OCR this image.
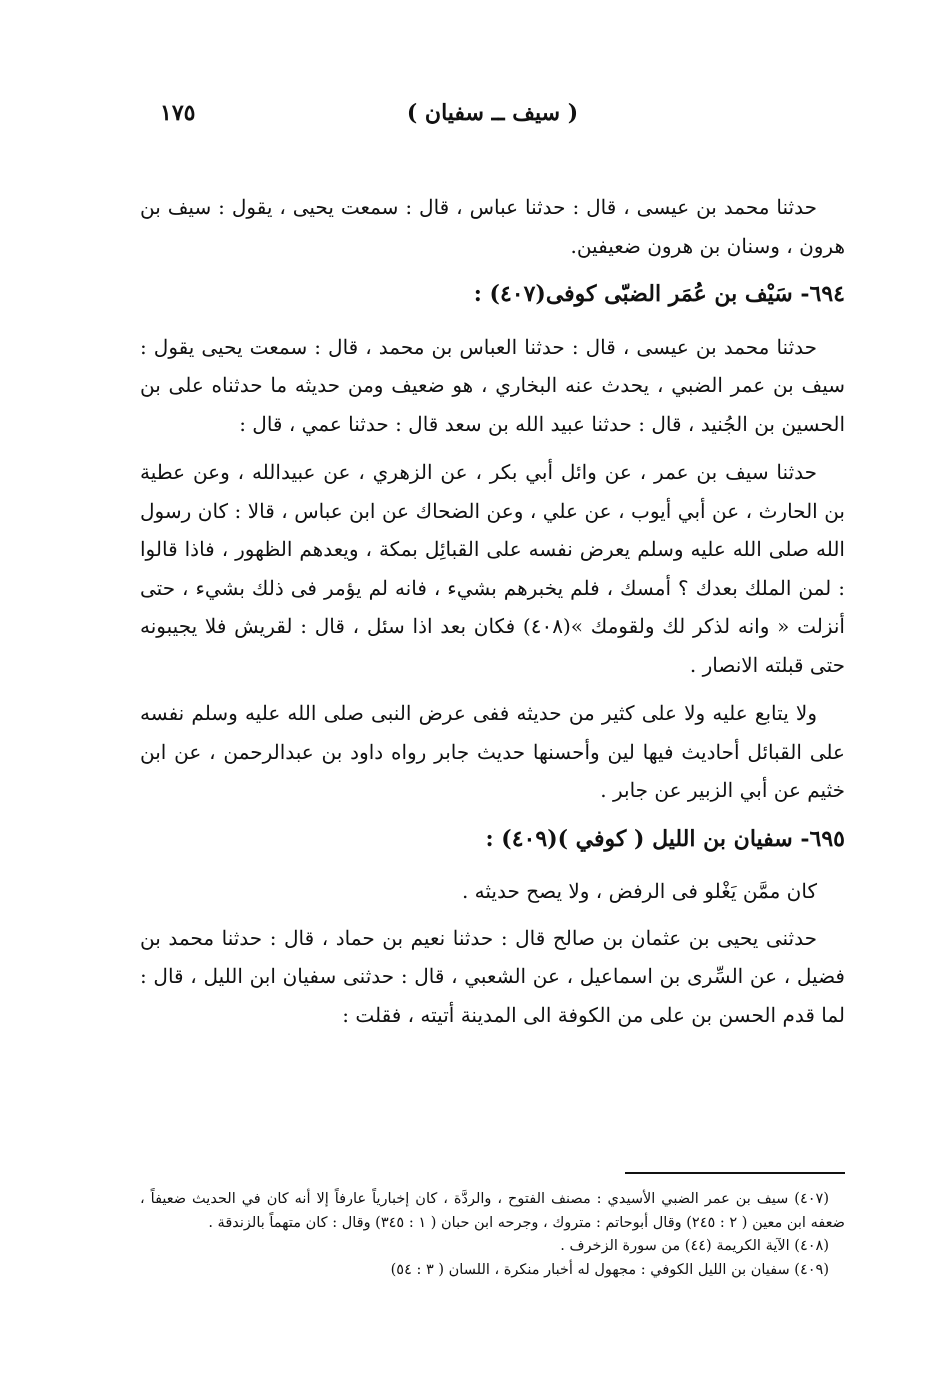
١٧٥	( سيف ــ سفيان )

حدثنا محمد بن عيسى ، قال : حدثنا عباس ، قال : سمعت يحيى ، يقول : سيف بن هرون ، وسنان بن هرون ضعيفين.

٦٩٤- سَيْف بن عُمَر الضبّى كوفى(٤٠٧) :

حدثنا محمد بن عيسى ، قال : حدثنا العباس بن محمد ، قال : سمعت يحيى يقول : سيف بن عمر الضبي ، يحدث عنه البخاري ، هو ضعيف ومن حديثه ما حدثناه على بن الحسين بن الجُنيد ، قال : حدثنا عبيد الله بن سعد قال : حدثنا عمي ، قال :

حدثنا سيف بن عمر ، عن وائل أبي بكر ، عن الزهري ، عن عبيدالله ، وعن عطية بن الحارث ، عن أبي أيوب ، عن علي ، وعن الضحاك عن ابن عباس ، قالا : كان رسول الله صلى الله عليه وسلم يعرض نفسه على القبائِل بمكة ، ويعدهم الظهور ، فاذا قالوا : لمن الملك بعدك ؟ أمسك ، فلم يخبرهم بشيء ، فانه لم يؤمر فى ذلك بشيء ، حتى أنزلت « وانه لذكر لك ولقومك »(٤٠٨) فكان بعد اذا سئل ، قال : لقريش فلا يجيبونه حتى قبلته الانصار .

ولا يتابع عليه ولا على كثير من حديثه ففى عرض النبى صلى الله عليه وسلم نفسه على القبائل أحاديث فيها لين وأحسنها حديث جابر رواه داود بن عبدالرحمن ، عن ابن خثيم عن أبي الزبير عن جابر .

٦٩٥- سفيان بن الليل ( كوفي )(٤٠٩) :

كان ممَّن يَغْلو فى الرفض ، ولا يصح حديثه .

حدثنى يحيى بن عثمان بن صالح قال : حدثنا نعيم بن حماد ، قال : حدثنا محمد بن فضيل ، عن السِّرى بن اسماعيل ، عن الشعبي ، قال : حدثنى سفيان ابن الليل ، قال : لما قدم الحسن بن على من الكوفة الى المدينة أتيته ، فقلت :

(٤٠٧) سيف بن عمر الضبي الأسيدي : مصنف الفتوح ، والردَّة ، كان إخبارياً عارفاً إلا أنه كان في الحديث ضعيفاً ، ضعفه ابن معين ( ٢ : ٢٤٥) وقال أبوحاتم : متروك ، وجرحه ابن حبان ( ١ : ٣٤٥) وقال : كان متهماً بالزندقة .

(٤٠٨) الآية الكريمة (٤٤) من سورة الزخرف .

(٤٠٩) سفيان بن الليل الكوفي : مجهول له أخبار منكرة ، اللسان ( ٣ : ٥٤)
